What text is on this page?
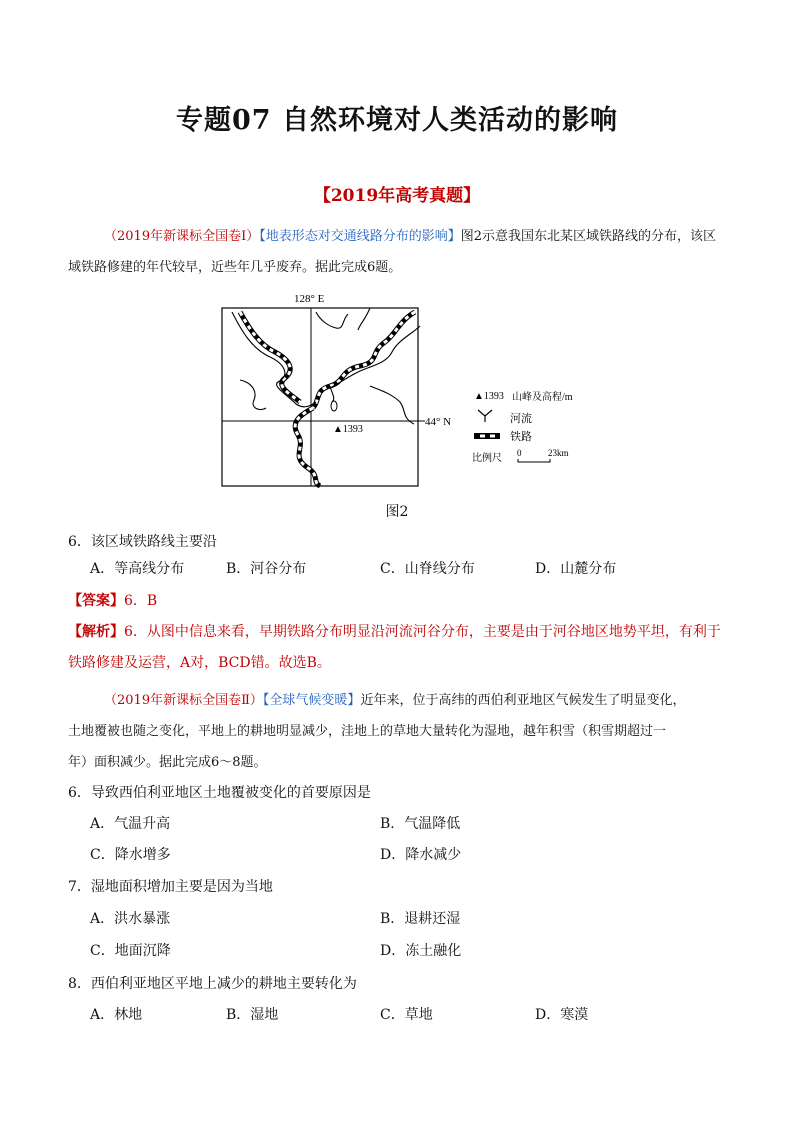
专题07 自然环境对人类活动的影响
【2019年高考真题】
（2019年新课标全国卷Ⅰ）【地表形态对交通线路分布的影响】图2示意我国东北某区域铁路线的分布，该区域铁路修建的年代较早，近些年几乎废弃。据此完成6题。
128° E
44° N
▲1393
▲1393 山峰及高程/m
河流
铁路
比例尺 0	23km
图2
6．该区域铁路线主要沿
A．等高线分布	B．河谷分布	C．山脊线分布	D．山麓分布
【答案】6．B
【解析】6．从图中信息来看，早期铁路分布明显沿河流河谷分布，主要是由于河谷地区地势平坦，有利于
铁路修建及运营，A对，BCD错。故选B。
（2019年新课标全国卷Ⅱ）【全球气候变暖】近年来，位于高纬的西伯利亚地区气候发生了明显变化，
土地覆被也随之变化，平地上的耕地明显减少，洼地上的草地大量转化为湿地，越年积雪（积雪期超过一
年）面积减少。据此完成6～8题。
6．导致西伯利亚地区土地覆被变化的首要原因是
A．气温升高	B．气温降低
C．降水增多	D．降水减少
7．湿地面积增加主要是因为当地
A．洪水暴涨	B．退耕还湿
C．地面沉降	D．冻土融化
8．西伯利亚地区平地上减少的耕地主要转化为
A．林地	B．湿地	C．草地	D．寒漠
